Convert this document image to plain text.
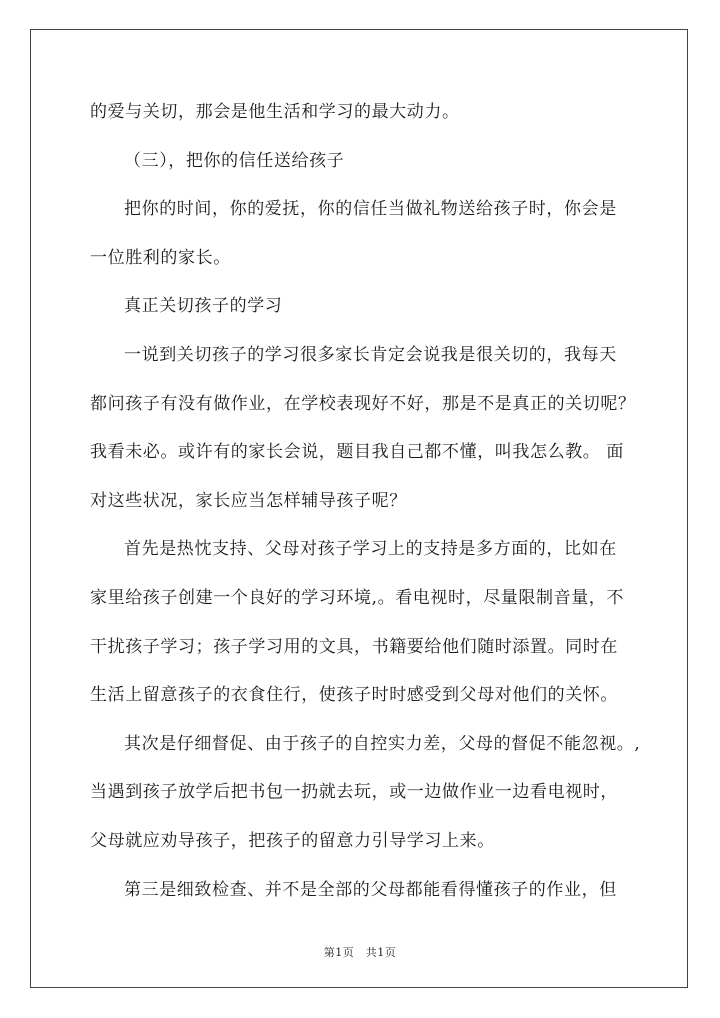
的爱与关切，那会是他生活和学习的最大动力。
（三），把你的信任送给孩子
把你的时间，你的爱抚，你的信任当做礼物送给孩子时，你会是
一位胜利的家长。
真正关切孩子的学习
一说到关切孩子的学习很多家长肯定会说我是很关切的，我每天
都问孩子有没有做作业，在学校表现好不好，那是不是真正的关切呢？
我看未必。或许有的家长会说，题目我自己都不懂，叫我怎么教。 面
对这些状况，家长应当怎样辅导孩子呢？
首先是热忱支持、父母对孩子学习上的支持是多方面的，比如在
家里给孩子创建一个良好的学习环境,。看电视时，尽量限制音量，不
干扰孩子学习；孩子学习用的文具，书籍要给他们随时添置。同时在
生活上留意孩子的衣食住行，使孩子时时感受到父母对他们的关怀。
其次是仔细督促、由于孩子的自控实力差，父母的督促不能忽视。,
当遇到孩子放学后把书包一扔就去玩，或一边做作业一边看电视时，
父母就应劝导孩子，把孩子的留意力引导学习上来。
第三是细致检查、并不是全部的父母都能看得懂孩子的作业，但
第1页　共1页
